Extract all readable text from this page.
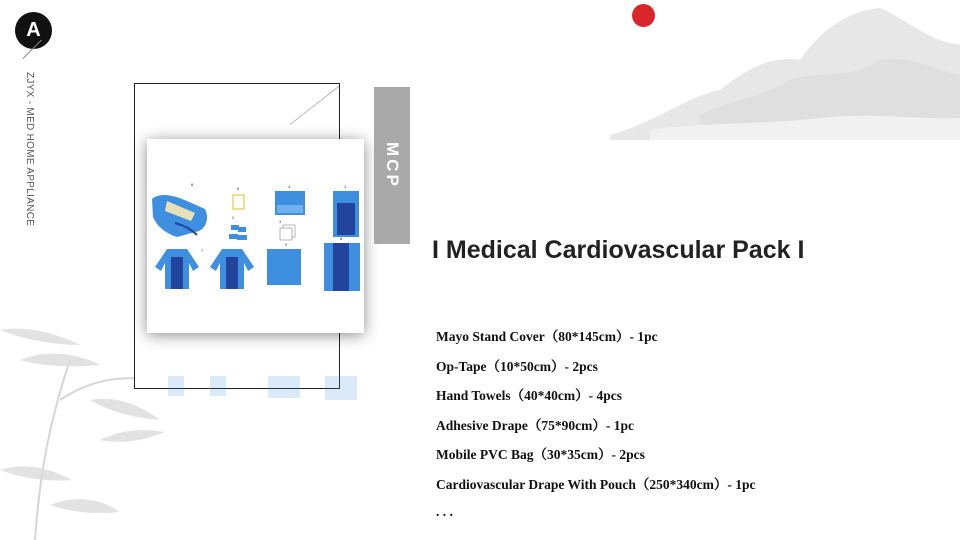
A
ZJYX - MED HOME APPLIANCE	6
5
2
4	1
3
7
9
8
MCP
I Medical Cardiovascular Pack I
Mayo Stand Cover（80*145cm）- 1pc
Op-Tape（10*50cm）- 2pcs
Hand Towels（40*40cm）- 4pcs
Adhesive Drape（75*90cm）- 1pc
Mobile PVC Bag（30*35cm）- 2pcs
Cardiovascular Drape With Pouch（250*340cm）- 1pc
. . .
